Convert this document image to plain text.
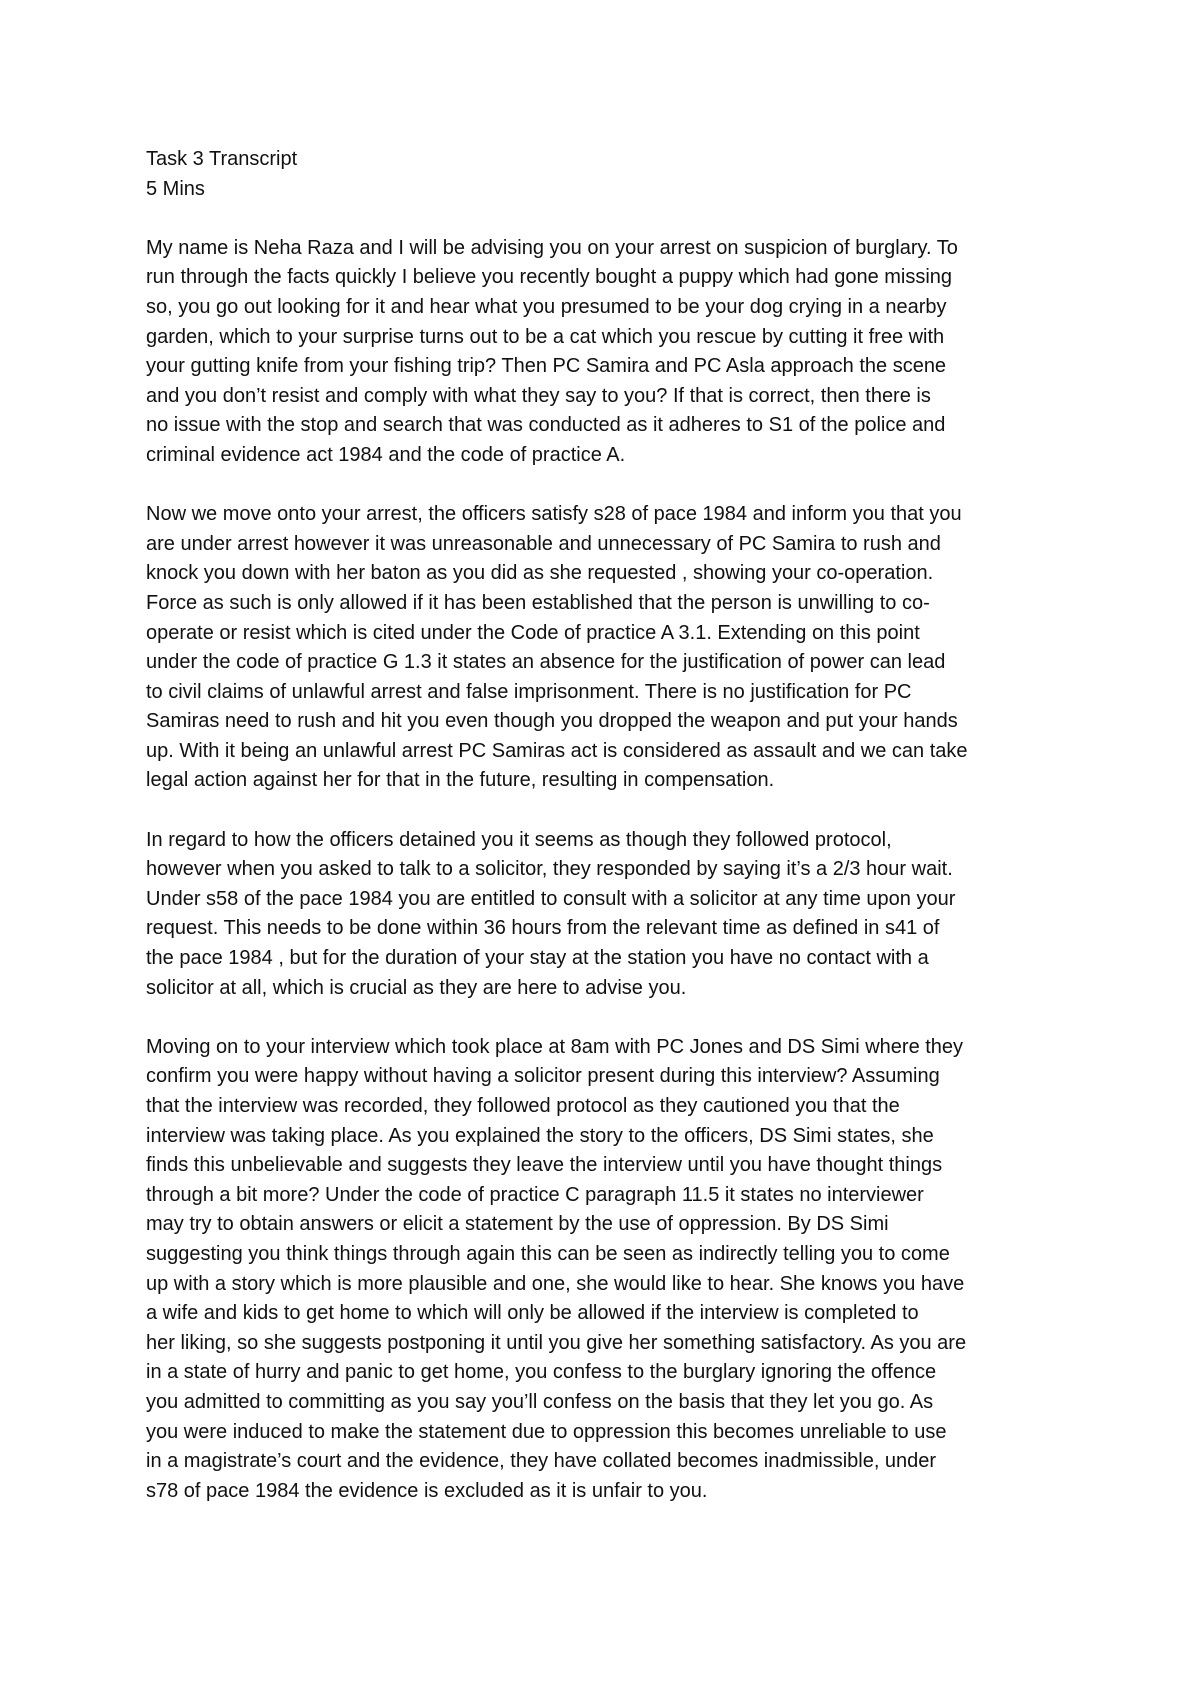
Task 3 Transcript
5 Mins
My name is Neha Raza and I will be advising you on your arrest on suspicion of burglary. To
run through the facts quickly I believe you recently bought a puppy which had gone missing
so, you go out looking for it and hear what you presumed to be your dog crying in a nearby
garden, which to your surprise turns out to be a cat which you rescue by cutting it free with
your gutting knife from your fishing trip? Then PC Samira and PC Asla approach the scene
and you don’t resist and comply with what they say to you? If that is correct, then there is
no issue with the stop and search that was conducted as it adheres to S1 of the police and
criminal evidence act 1984 and the code of practice A.
Now we move onto your arrest, the officers satisfy s28 of pace 1984 and inform you that you
are under arrest however it was unreasonable and unnecessary of PC Samira to rush and
knock you down with her baton as you did as she requested , showing your co-operation.
Force as such is only allowed if it has been established that the person is unwilling to co-
operate or resist which is cited under the Code of practice A 3.1. Extending on this point
under the code of practice G 1.3 it states an absence for the justification of power can lead
to civil claims of unlawful arrest and false imprisonment. There is no justification for PC
Samiras need to rush and hit you even though you dropped the weapon and put your hands
up. With it being an unlawful arrest PC Samiras act is considered as assault and we can take
legal action against her for that in the future, resulting in compensation.
In regard to how the officers detained you it seems as though they followed protocol,
however when you asked to talk to a solicitor, they responded by saying it’s a 2/3 hour wait.
Under s58 of the pace 1984 you are entitled to consult with a solicitor at any time upon your
request. This needs to be done within 36 hours from the relevant time as defined in s41 of
the pace 1984 , but for the duration of your stay at the station you have no contact with a
solicitor at all, which is crucial as they are here to advise you.
Moving on to your interview which took place at 8am with PC Jones and DS Simi where they
confirm you were happy without having a solicitor present during this interview? Assuming
that the interview was recorded, they followed protocol as they cautioned you that the
interview was taking place. As you explained the story to the officers, DS Simi states, she
finds this unbelievable and suggests they leave the interview until you have thought things
through a bit more? Under the code of practice C paragraph 11.5 it states no interviewer
may try to obtain answers or elicit a statement by the use of oppression. By DS Simi
suggesting you think things through again this can be seen as indirectly telling you to come
up with a story which is more plausible and one, she would like to hear. She knows you have
a wife and kids to get home to which will only be allowed if the interview is completed to
her liking, so she suggests postponing it until you give her something satisfactory. As you are
in a state of hurry and panic to get home, you confess to the burglary ignoring the offence
you admitted to committing as you say you’ll confess on the basis that they let you go. As
you were induced to make the statement due to oppression this becomes unreliable to use
in a magistrate’s court and the evidence, they have collated becomes inadmissible, under
s78 of pace 1984 the evidence is excluded as it is unfair to you.
